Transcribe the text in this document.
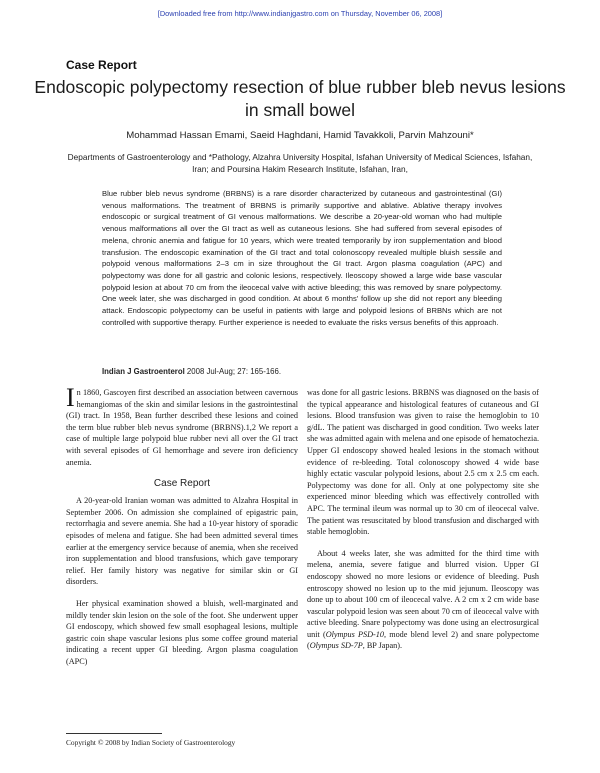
[Downloaded free from http://www.indianjgastro.com on Thursday, November 06, 2008]
Case Report
Endoscopic polypectomy resection of blue rubber bleb nevus lesions in small bowel
Mohammad Hassan Emami, Saeid Haghdani, Hamid Tavakkoli, Parvin Mahzouni*
Departments of Gastroenterology and *Pathology, Alzahra University Hospital, Isfahan University of Medical Sciences, Isfahan, Iran; and Poursina Hakim Research Institute, Isfahan, Iran,

Blue rubber bleb nevus syndrome (BRBNS) is a rare disorder characterized by cutaneous and gastrointestinal (GI) venous malformations. The treatment of BRBNS is primarily supportive and ablative. Ablative therapy involves endoscopic or surgical treatment of GI venous malformations. We describe a 20-year-old woman who had multiple venous malformations all over the GI tract as well as cutaneous lesions. She had suffered from several episodes of melena, chronic anemia and fatigue for 10 years, which were treated temporarily by iron supplementation and blood transfusion. The endoscopic examination of the GI tract and total colonoscopy revealed multiple bluish sessile and polypoid venous malformations 2–3 cm in size throughout the GI tract. Argon plasma coagulation (APC) and polypectomy was done for all gastric and colonic lesions, respectively. Ileoscopy showed a large wide base vascular polypoid lesion at about 70 cm from the ileocecal valve with active bleeding; this was removed by snare polypectomy. One week later, she was discharged in good condition. At about 6 months' follow up she did not report any bleeding attack. Endoscopic polypectomy can be useful in patients with large and polypoid lesions of BRBNs which are not controlled with supportive therapy. Further experience is needed to evaluate the risks versus benefits of this approach.

Indian J Gastroenterol 2008 Jul-Aug; 27: 165-166.

In 1860, Gascoyen first described an association between cavernous hemangiomas of the skin and similar lesions in the gastrointestinal (GI) tract. In 1958, Bean further described these lesions and coined the term blue rubber bleb nevus syndrome (BRBNS).1,2 We report a case of multiple large polypoid blue rubber nevi all over the GI tract with several episodes of GI hemorrhage and severe iron deficiency anemia.

Case Report

A 20-year-old Iranian woman was admitted to Alzahra Hospital in September 2006. On admission she complained of epigastric pain, rectorrhagia and severe anemia. She had a 10-year history of sporadic episodes of melena and fatigue. She had been admitted several times earlier at the emergency service because of anemia, when she received iron supplementation and blood transfusions, which gave temporary relief. Her family history was negative for similar skin or GI disorders.

Her physical examination showed a bluish, well-marginated and mildly tender skin lesion on the sole of the foot. She underwent upper GI endoscopy, which showed few small esophageal lesions, multiple gastric coin shape vascular lesions plus some coffee ground material indicating a recent upper GI bleeding. Argon plasma coagulation (APC)

was done for all gastric lesions. BRBNS was diagnosed on the basis of the typical appearance and histological features of cutaneous and GI lesions. Blood transfusion was given to raise the hemoglobin to 10 g/dL. The patient was discharged in good condition. Two weeks later she was admitted again with melena and one episode of hematochezia. Upper GI endoscopy showed healed lesions in the stomach without evidence of re-bleeding. Total colonoscopy showed 4 wide base highly ectatic vascular polypoid lesions, about 2.5 cm x 2.5 cm each. Polypectomy was done for all. Only at one polypectomy site she experienced minor bleeding which was effectively controlled with APC. The terminal ileum was normal up to 30 cm of ileocecal valve. The patient was resuscitated by blood transfusion and discharged with stable hemoglobin.

About 4 weeks later, she was admitted for the third time with melena, anemia, severe fatigue and blurred vision. Upper GI endoscopy showed no more lesions or evidence of bleeding. Push entroscopy showed no lesion up to the mid jejunum. Ileoscopy was done up to about 100 cm of ileocecal valve. A 2 cm x 2 cm wide base vascular polypoid lesion was seen about 70 cm of ileocecal valve with active bleeding. Snare polypectomy was done using an electrosurgical unit (Olympus PSD-10, mode blend level 2) and snare polypectome (Olympus SD-7P, BP Japan).

Copyright © 2008 by Indian Society of Gastroenterology
